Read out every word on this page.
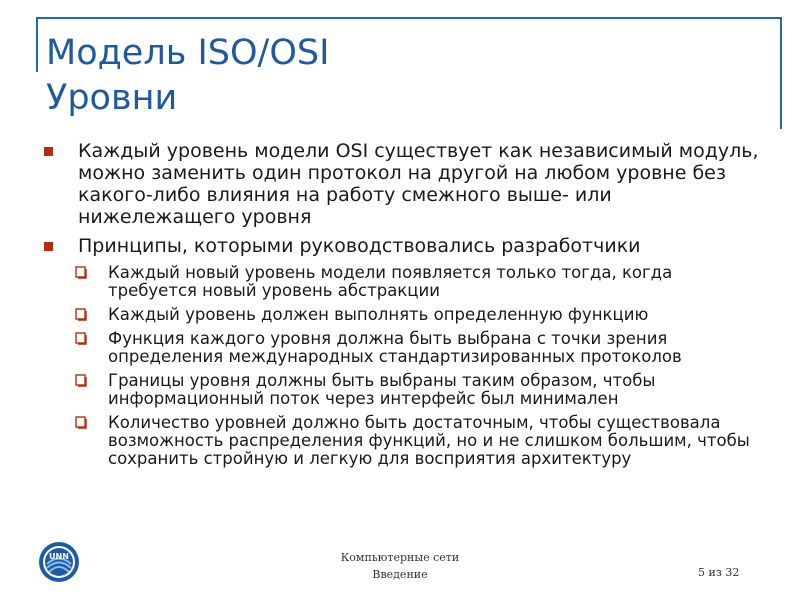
Модель ISO/OSI
Уровни
Каждый уровень модели OSI существует как независимый модуль, можно заменить один протокол на другой на любом уровне без какого-либо влияния на работу смежного выше- или нижележащего уровня
Принципы, которыми руководствовались разработчики
Каждый новый уровень модели появляется только тогда, когда требуется новый уровень абстракции
Каждый уровень должен выполнять определенную функцию
Функция каждого уровня должна быть выбрана с точки зрения определения международных стандартизированных протоколов
Границы уровня должны быть выбраны таким образом, чтобы информационный поток через интерфейс был минимален
Количество уровней должно быть достаточным, чтобы существовала возможность распределения функций, но и не слишком большим, чтобы сохранить стройную и легкую для восприятия архитектуру
UNN	Компьютерные сети
Введение	5 из 32
